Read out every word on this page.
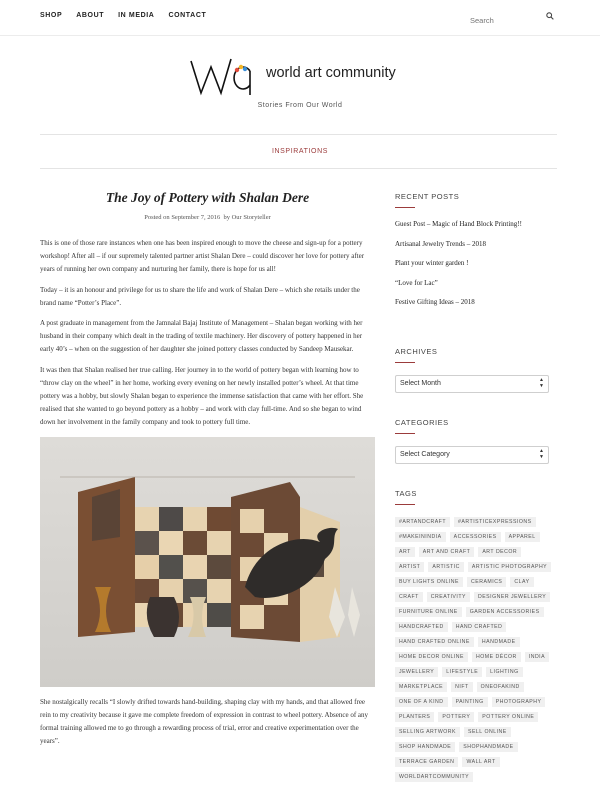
SHOP ABOUT IN MEDIA CONTACT
Search
world art community
Stories From Our World
INSPIRATIONS
The Joy of Pottery with Shalan Dere
Posted on September 7, 2016 by Our Storyteller

This is one of those rare instances when one has been inspired enough to move the cheese and sign-up for a pottery workshop! After all – if our supremely talented partner artist Shalan Dere – could discover her love for pottery after years of running her own company and nurturing her family, there is hope for us all!

Today – it is an honour and privilege for us to share the life and work of Shalan Dere – which she retails under the brand name “Potter’s Place”.

A post graduate in management from the Jamnalal Bajaj Institute of Management – Shalan began working with her husband in their company which dealt in the trading of textile machinery. Her discovery of pottery happened in her early 40’s – when on the suggestion of her daughter she joined pottery classes conducted by Sandeep Mausekar.

It was then that Shalan realised her true calling. Her journey in to the world of pottery began with learning how to “throw clay on the wheel” in her home, working every evening on her newly installed potter’s wheel. At that time pottery was a hobby, but slowly Shalan began to experience the immense satisfaction that came with her effort. She realised that she wanted to go beyond pottery as a hobby – and work with clay full-time. And so she began to wind down her involvement in the family company and took to pottery full time.

She nostalgically recalls “I slowly drifted towards hand-building, shaping clay with my hands, and that allowed free rein to my creativity because it gave me complete freedom of expression in contrast to wheel pottery. Absence of any formal training allowed me to go through a rewarding process of trial, error and creative experimentation over the years”.

RECENT POSTS
Guest Post – Magic of Hand Block Printing!!
Artisanal Jewelry Trends – 2018
Plant your winter garden !
“Love for Lac”
Festive Gifting Ideas – 2018
ARCHIVES
Select Month	▲
▼
CATEGORIES
Select Category	▲
▼
TAGS
#ARTANDCRAFT	#ARTISTICEXPRESSIONS
#MAKEININDIA	ACCESSORIES	APPAREL
ART	ART AND CRAFT	ART DECOR
ARTIST	ARTISTIC	ARTISTIC PHOTOGRAPHY
BUY LIGHTS ONLINE	CERAMICS	CLAY
CRAFT	CREATIVITY	DESIGNER JEWELLERY
FURNITURE ONLINE	GARDEN ACCESSORIES
HANDCRAFTED	HAND CRAFTED
HAND CRAFTED ONLINE	HANDMADE
HOME DECOR ONLINE	HOME DÉCOR	INDIA
JEWELLERY	LIFESTYLE	LIGHTING
MARKETPLACE	NIFT	ONEOFAKIND
ONE OF A KIND	PAINTING	PHOTOGRAPHY
PLANTERS	POTTERY	POTTERY ONLINE
SELLING ARTWORK	SELL ONLINE
SHOP HANDMADE	SHOPHANDMADE
TERRACE GARDEN	WALL ART
WORLDARTCOMMUNITY
